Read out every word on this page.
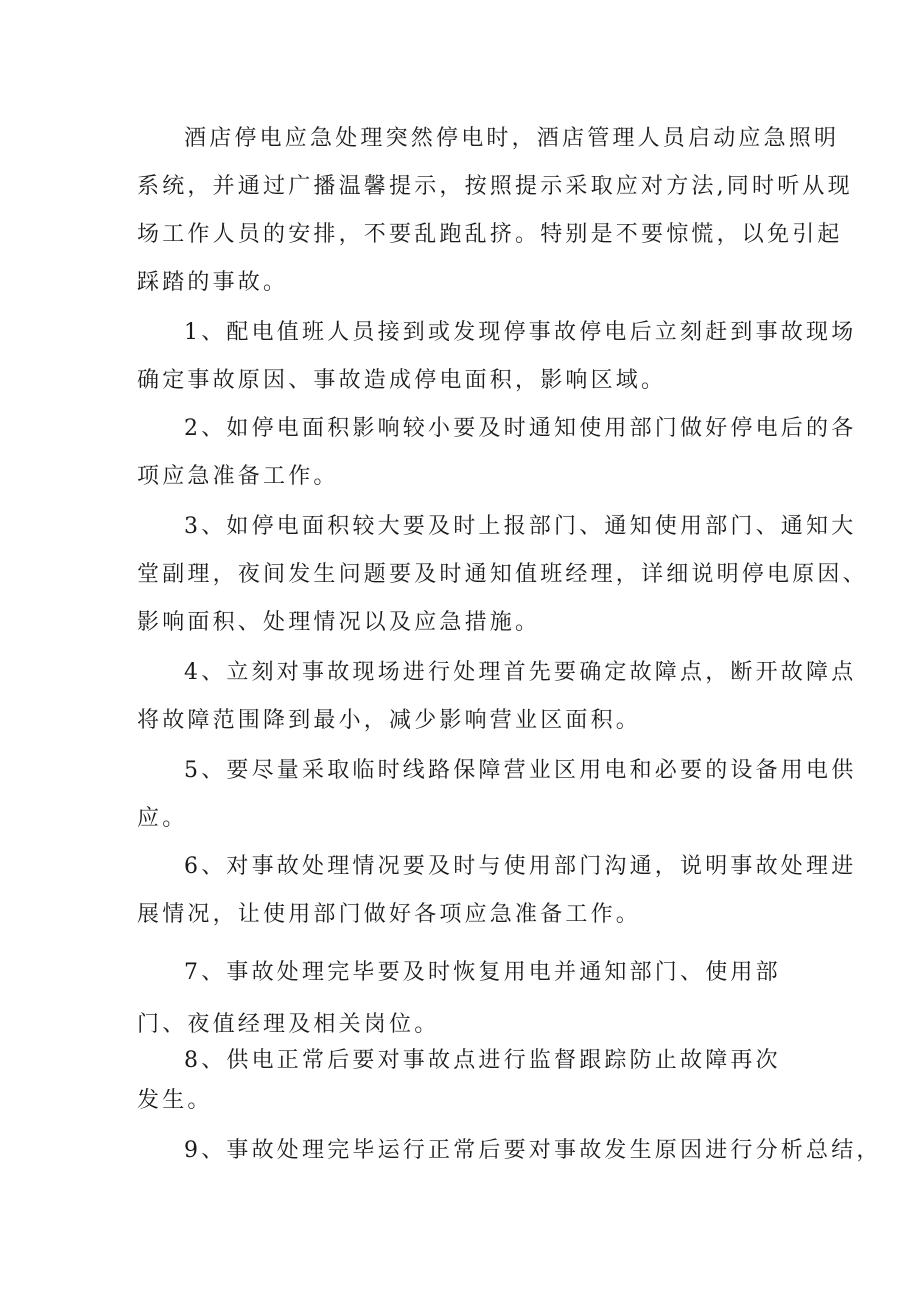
酒店停电应急处理突然停电时，酒店管理人员启动应急照明
系统，并通过广播温馨提示，按照提示采取应对方法,同时听从现
场工作人员的安排，不要乱跑乱挤。特别是不要惊慌，以免引起
踩踏的事故。
1、配电值班人员接到或发现停事故停电后立刻赶到事故现场
确定事故原因、事故造成停电面积，影响区域。
2、如停电面积影响较小要及时通知使用部门做好停电后的各
项应急准备工作。
3、如停电面积较大要及时上报部门、通知使用部门、通知大
堂副理，夜间发生问题要及时通知值班经理，详细说明停电原因、
影响面积、处理情况以及应急措施。
4、立刻对事故现场进行处理首先要确定故障点，断开故障点
将故障范围降到最小，减少影响营业区面积。
5、要尽量采取临时线路保障营业区用电和必要的设备用电供
应。
6、对事故处理情况要及时与使用部门沟通，说明事故处理进
展情况，让使用部门做好各项应急准备工作。
7、事故处理完毕要及时恢复用电并通知部门、使用部
门、夜值经理及相关岗位。
8、供电正常后要对事故点进行监督跟踪防止故障再次
发生。
9、事故处理完毕运行正常后要对事故发生原因进行分析总结，
